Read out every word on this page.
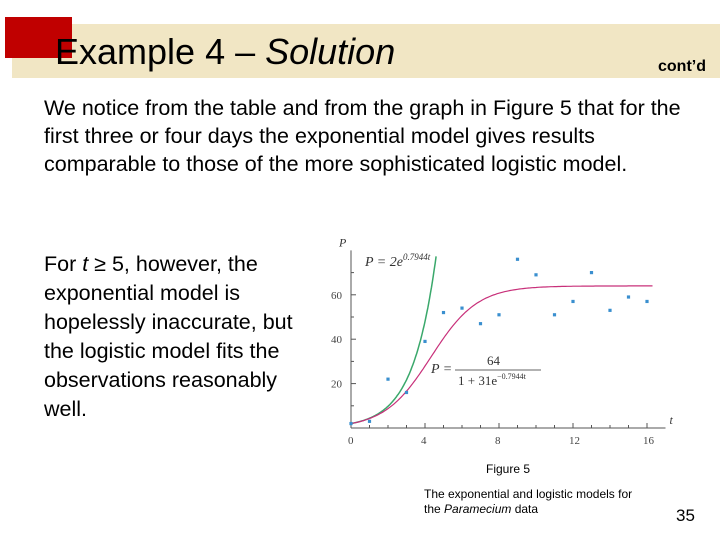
Example 4 – Solution	cont’d
We notice from the table and from the graph in Figure 5 that for the first three or four days the exponential model gives results comparable to those of the more sophisticated logistic model.
For t ≥ 5, however, the exponential model is hopelessly inaccurate, but the logistic model fits the observations reasonably well.	t
P
0	4	8	12	16
20
40
60
$P = 2e^{0.7944t}$
P =
64
$1 + 31e^{-0.7944t}$
Figure 5
The exponential and logistic models for the Paramecium data	35
